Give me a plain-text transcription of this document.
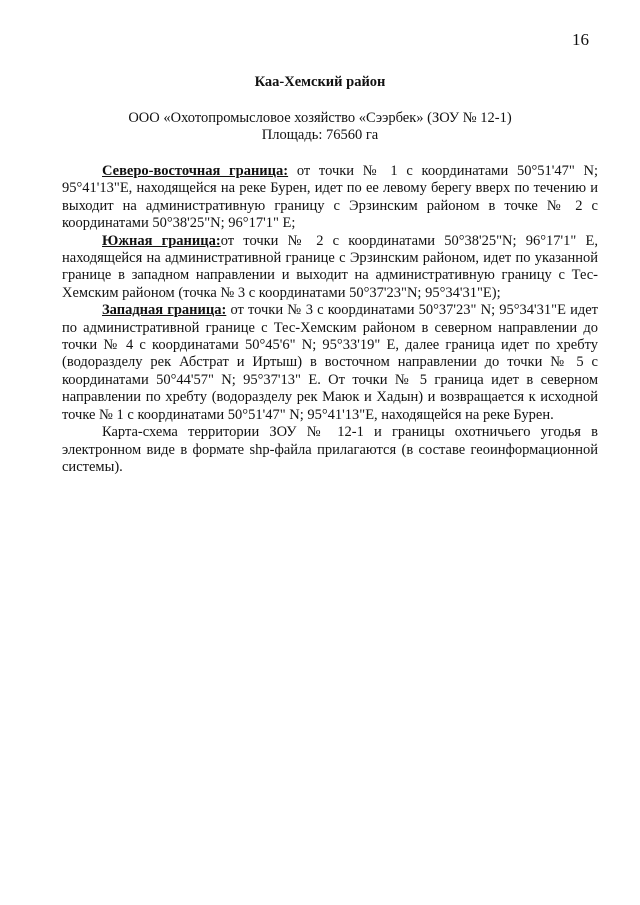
16
Каа-Хемский район
ООО «Охотопромысловое хозяйство «Сээрбек» (ЗОУ № 12-1)
Площадь: 76560 га

Северо-восточная граница: от точки № 1 с координатами 50°51'47" N; 95°41'13"E, находящейся на реке Бурен, идет по ее левому берегу вверх по течению и выходит на административную границу с Эрзинским районом в точке № 2 с координатами 50°38'25"N; 96°17'1" E;

Южная граница:от точки № 2 с координатами 50°38'25"N; 96°17'1" E, находящейся на административной границе с Эрзинским районом, идет по указанной границе в западном направлении и выходит на административную границу с Тес-Хемским районом (точка № 3 с координатами 50°37'23"N; 95°34'31"E);

Западная граница: от точки № 3 с координатами 50°37'23" N; 95°34'31"E идет по административной границе с Тес-Хемским районом в северном направлении до точки № 4 с координатами 50°45'6" N; 95°33'19" E, далее граница идет по хребту (водоразделу рек Абстрат и Иртыш) в восточном направлении до точки № 5 с координатами 50°44'57" N; 95°37'13" E. От точки № 5 граница идет в северном направлении по хребту (водоразделу рек Маюк и Хадын) и возвращается к исходной точке № 1 с координатами 50°51'47" N; 95°41'13"E, находящейся на реке Бурен.

Карта-схема территории ЗОУ № 12-1 и границы охотничьего угодья в электронном виде в формате shp-файла прилагаются (в составе геоинформационной системы).
